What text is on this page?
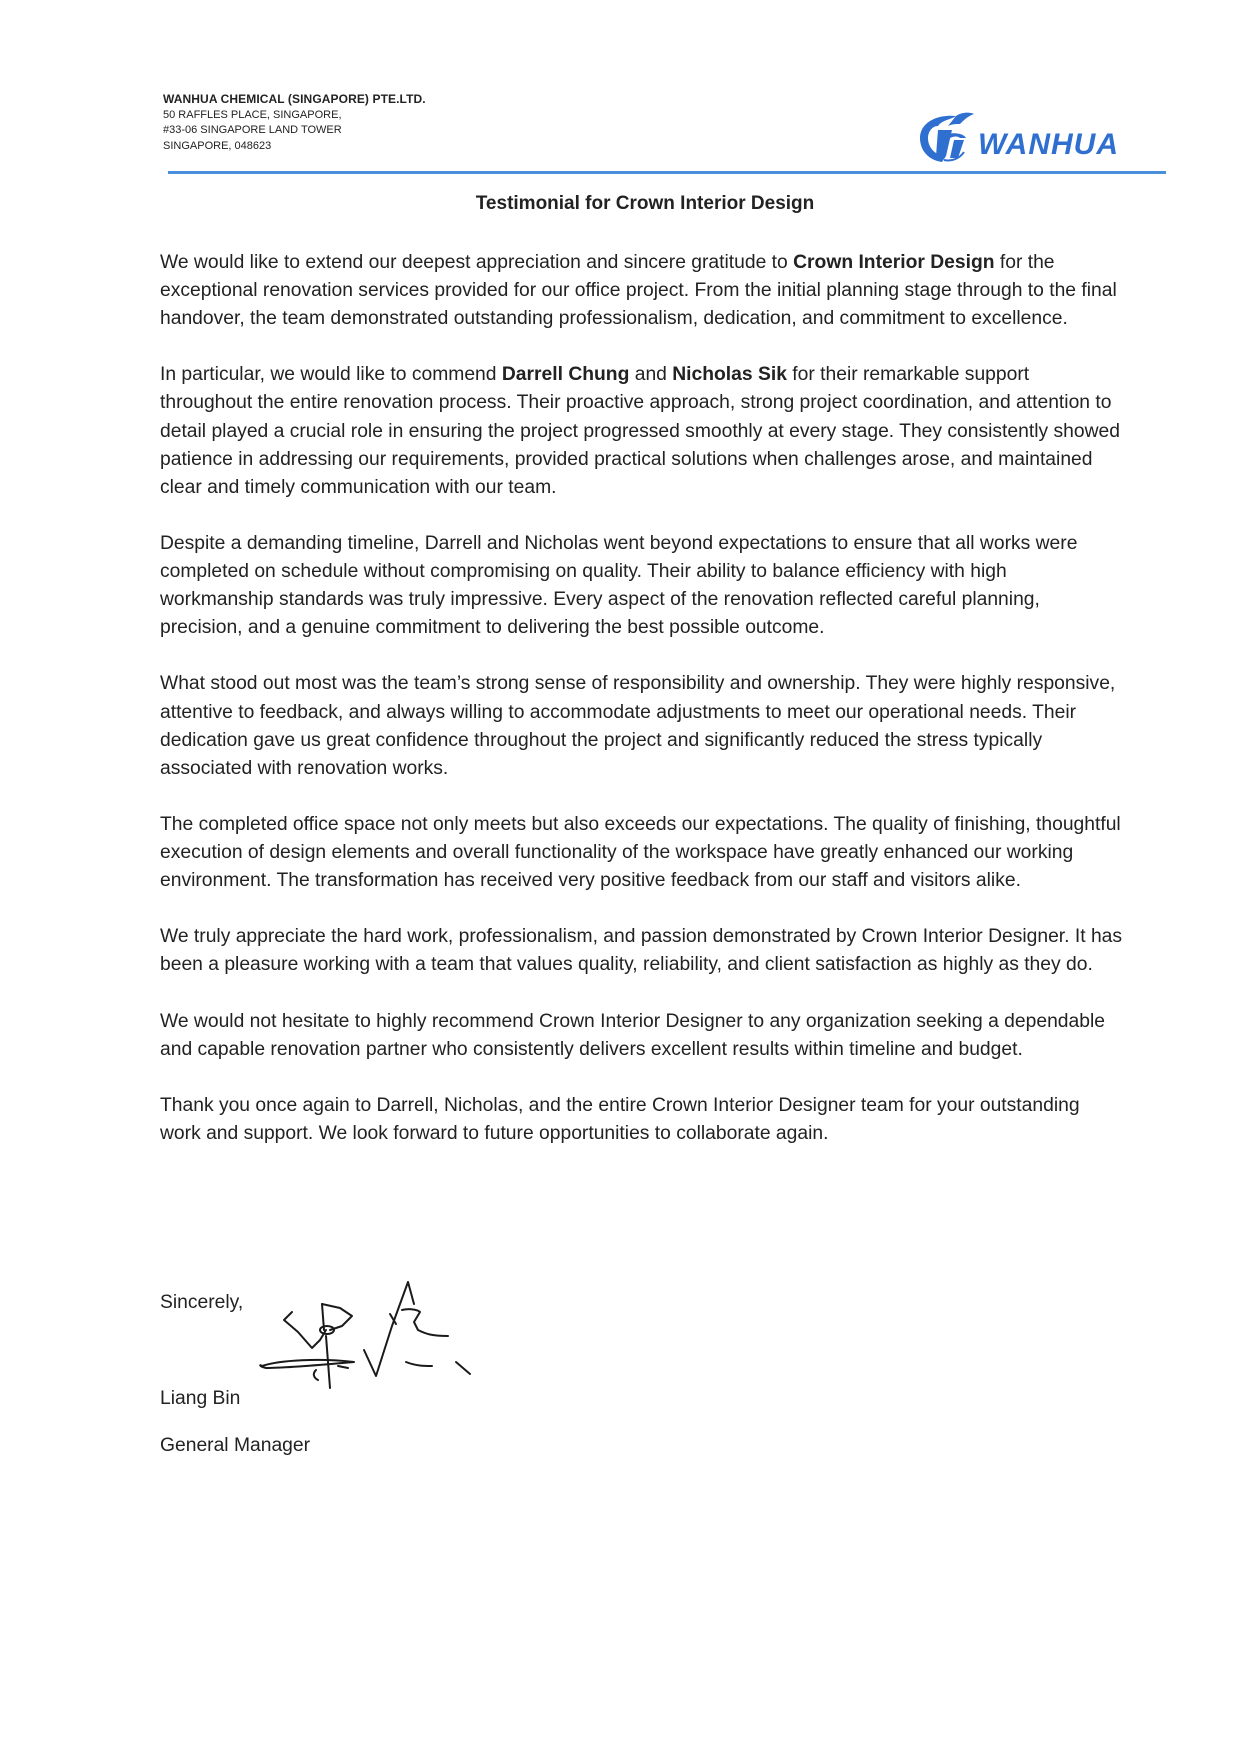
WANHUA CHEMICAL (SINGAPORE) PTE.LTD.
50 RAFFLES PLACE, SINGAPORE,
#33-06 SINGAPORE LAND TOWER
SINGAPORE, 048623	WANHUA
Testimonial for Crown Interior Design

We would like to extend our deepest appreciation and sincere gratitude to Crown Interior Design for the exceptional renovation services provided for our office project. From the initial planning stage through to the final handover, the team demonstrated outstanding professionalism, dedication, and commitment to excellence.

In particular, we would like to commend Darrell Chung and Nicholas Sik for their remarkable support throughout the entire renovation process. Their proactive approach, strong project coordination, and attention to detail played a crucial role in ensuring the project progressed smoothly at every stage. They consistently showed patience in addressing our requirements, provided practical solutions when challenges arose, and maintained clear and timely communication with our team.

Despite a demanding timeline, Darrell and Nicholas went beyond expectations to ensure that all works were completed on schedule without compromising on quality. Their ability to balance efficiency with high workmanship standards was truly impressive. Every aspect of the renovation reflected careful planning, precision, and a genuine commitment to delivering the best possible outcome.

What stood out most was the team’s strong sense of responsibility and ownership. They were highly responsive, attentive to feedback, and always willing to accommodate adjustments to meet our operational needs. Their dedication gave us great confidence throughout the project and significantly reduced the stress typically associated with renovation works.

The completed office space not only meets but also exceeds our expectations. The quality of finishing, thoughtful execution of design elements and overall functionality of the workspace have greatly enhanced our working environment. The transformation has received very positive feedback from our staff and visitors alike.

We truly appreciate the hard work, professionalism, and passion demonstrated by Crown Interior Designer. It has been a pleasure working with a team that values quality, reliability, and client satisfaction as highly as they do.

We would not hesitate to highly recommend Crown Interior Designer to any organization seeking a dependable and capable renovation partner who consistently delivers excellent results within timeline and budget.

Thank you once again to Darrell, Nicholas, and the entire Crown Interior Designer team for your outstanding work and support. We look forward to future opportunities to collaborate again.

Sincerely,
Liang Bin
General Manager
